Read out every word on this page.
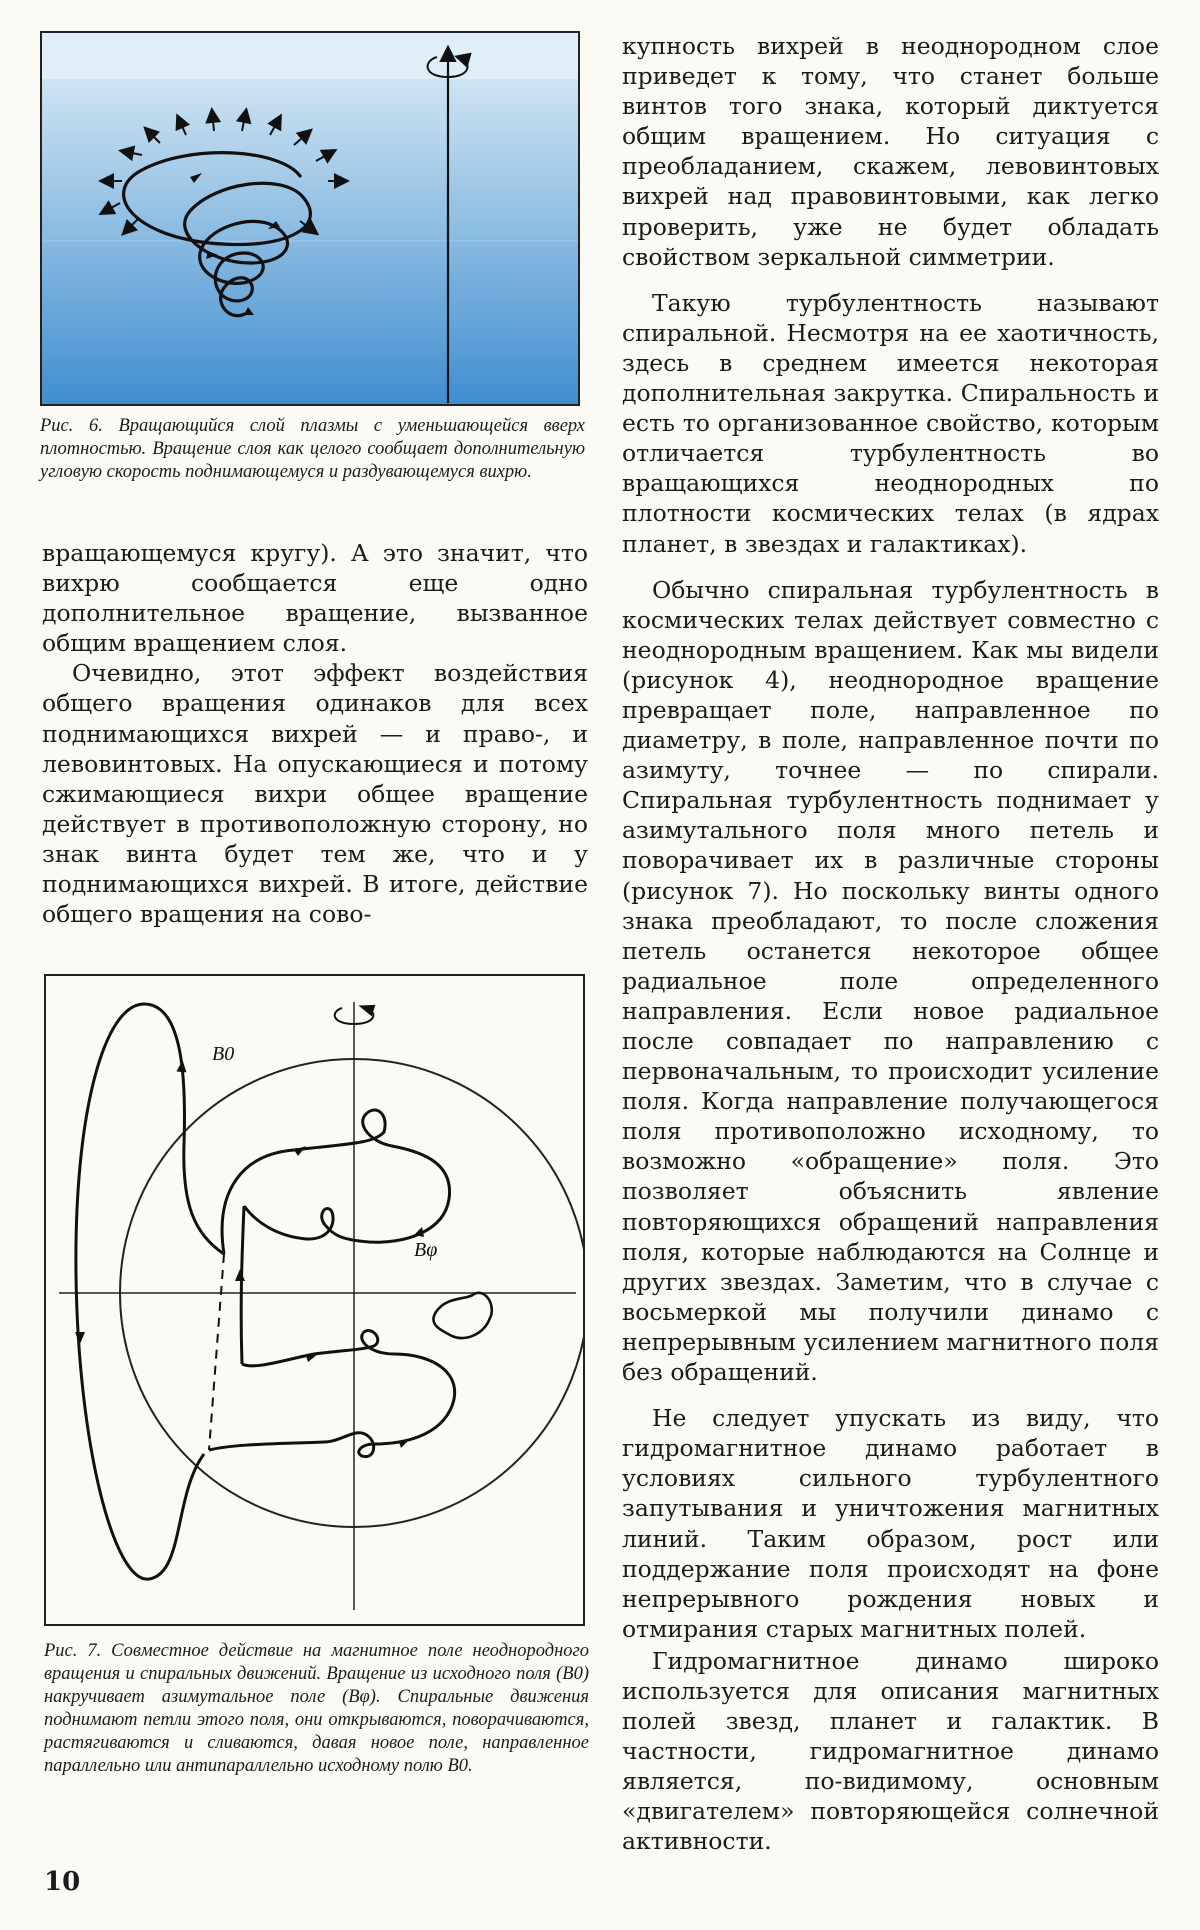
Рис. 6. Вращающийся слой плазмы с уменьшающейся вверх плотностью. Вращение слоя как целого сообщает дополнительную угловую скорость поднимающемуся и раздувающемуся вихрю.

вращающемуся кругу). А это значит, что вихрю сообщается еще одно дополнительное вращение, вызванное общим вращением слоя.

Очевидно, этот эффект воздействия общего вращения одинаков для всех поднимающихся вихрей — и право-, и левовинтовых. На опускающиеся и потому сжимающиеся вихри общее вращение действует в противоположную сторону, но знак винта будет тем же, что и у поднимающихся вихрей. В итоге, действие общего вращения на сово-

B0
Bφ
Рис. 7. Совместное действие на магнитное поле неоднородного вращения и спиральных движений. Вращение из исходного поля (B0) накручивает азимутальное поле (Bφ). Спиральные движения поднимают петли этого поля, они открываются, поворачиваются, растягиваются и сливаются, давая новое поле, направленное параллельно или антипараллельно исходному полю B0.

купность вихрей в неоднородном слое приведет к тому, что станет больше винтов того знака, который диктуется общим вращением. Но ситуация с преобладанием, скажем, левовинтовых вихрей над правовинтовыми, как легко проверить, уже не будет обладать свойством зеркальной симметрии.

Такую турбулентность называют спиральной. Несмотря на ее хаотичность, здесь в среднем имеется некоторая дополнительная закрутка. Спиральность и есть то организованное свойство, которым отличается турбулентность во вращающихся неоднородных по плотности космических телах (в ядрах планет, в звездах и галактиках).

Обычно спиральная турбулентность в космических телах действует совместно с неоднородным вращением. Как мы видели (рисунок 4), неоднородное вращение превращает поле, направленное по диаметру, в поле, направленное почти по азимуту, точнее — по спирали. Спиральная турбулентность поднимает у азимутального поля много петель и поворачивает их в различные стороны (рисунок 7). Но поскольку винты одного знака преобладают, то после сложения петель останется некоторое общее радиальное поле определенного направления. Если новое радиальное после совпадает по направлению с первоначальным, то происходит усиление поля. Когда направление получающегося поля противоположно исходному, то возможно «обращение» поля. Это позволяет объяснить явление повторяющихся обращений направления поля, которые наблюдаются на Солнце и других звездах. Заметим, что в случае с восьмеркой мы получили динамо с непрерывным усилением магнитного поля без обращений.

Не следует упускать из виду, что гидромагнитное динамо работает в условиях сильного турбулентного запутывания и уничтожения магнитных линий. Таким образом, рост или поддержание поля происходят на фоне непрерывного рождения новых и отмирания старых магнитных полей.

Гидромагнитное динамо широко используется для описания магнитных полей звезд, планет и галактик. В частности, гидромагнитное динамо является, по-видимому, основным «двигателем» повторяющейся солнечной активности.

10
